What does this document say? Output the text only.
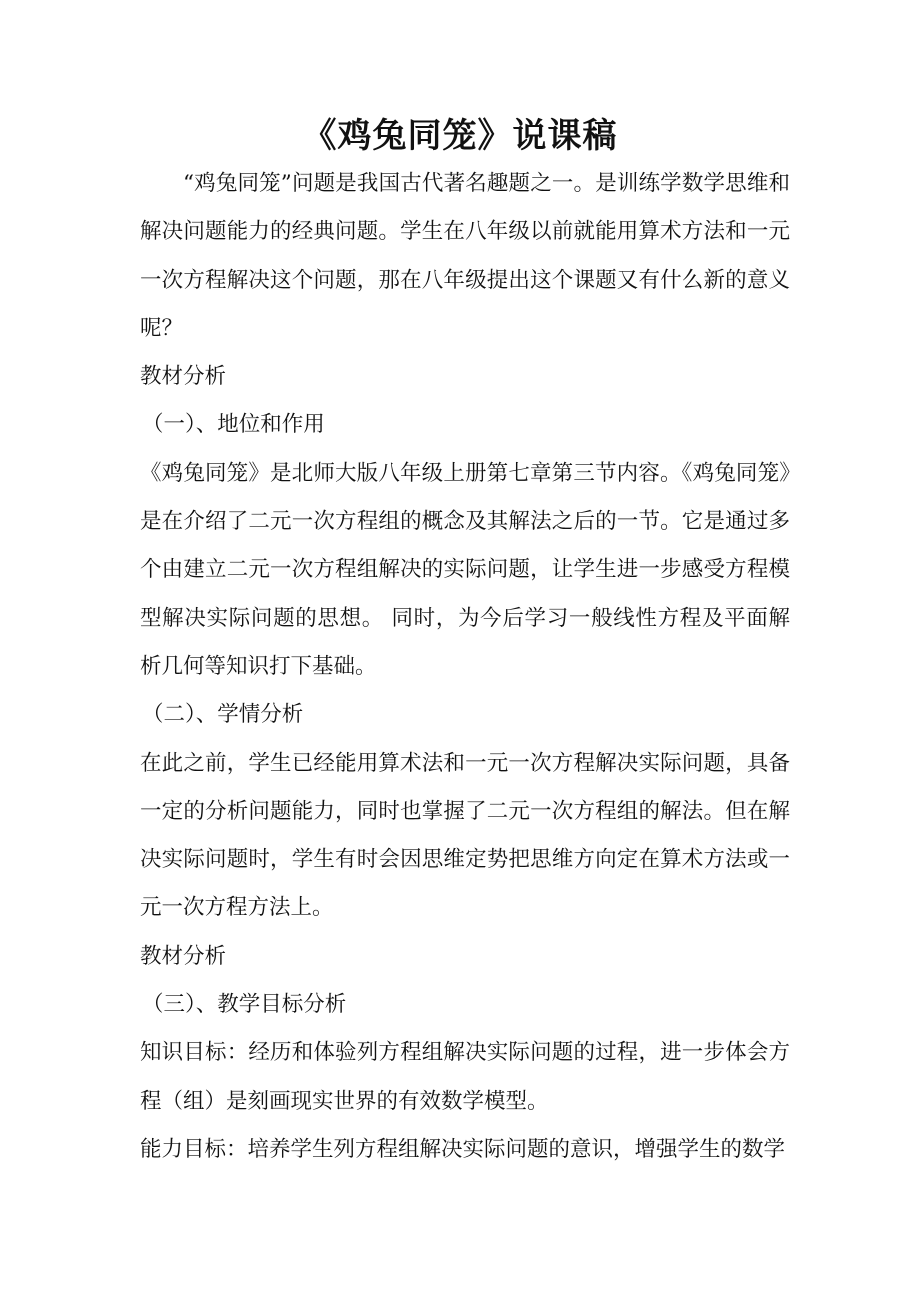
《鸡兔同笼》说课稿

“鸡兔同笼”问题是我国古代著名趣题之一。是训练学数学思维和解决问题能力的经典问题。学生在八年级以前就能用算术方法和一元一次方程解决这个问题，那在八年级提出这个课题又有什么新的意义呢？

教材分析

（一）、地位和作用

《鸡兔同笼》是北师大版八年级上册第七章第三节内容。《鸡兔同笼》是在介绍了二元一次方程组的概念及其解法之后的一节。它是通过多个由建立二元一次方程组解决的实际问题，让学生进一步感受方程模型解决实际问题的思想。 同时，为今后学习一般线性方程及平面解析几何等知识打下基础。

（二）、学情分析

在此之前，学生已经能用算术法和一元一次方程解决实际问题，具备一定的分析问题能力，同时也掌握了二元一次方程组的解法。但在解决实际问题时，学生有时会因思维定势把思维方向定在算术方法或一元一次方程方法上。

教材分析

（三）、教学目标分析

知识目标：经历和体验列方程组解决实际问题的过程，进一步体会方程（组）是刻画现实世界的有效数学模型。

能力目标：培养学生列方程组解决实际问题的意识，增强学生的数学
